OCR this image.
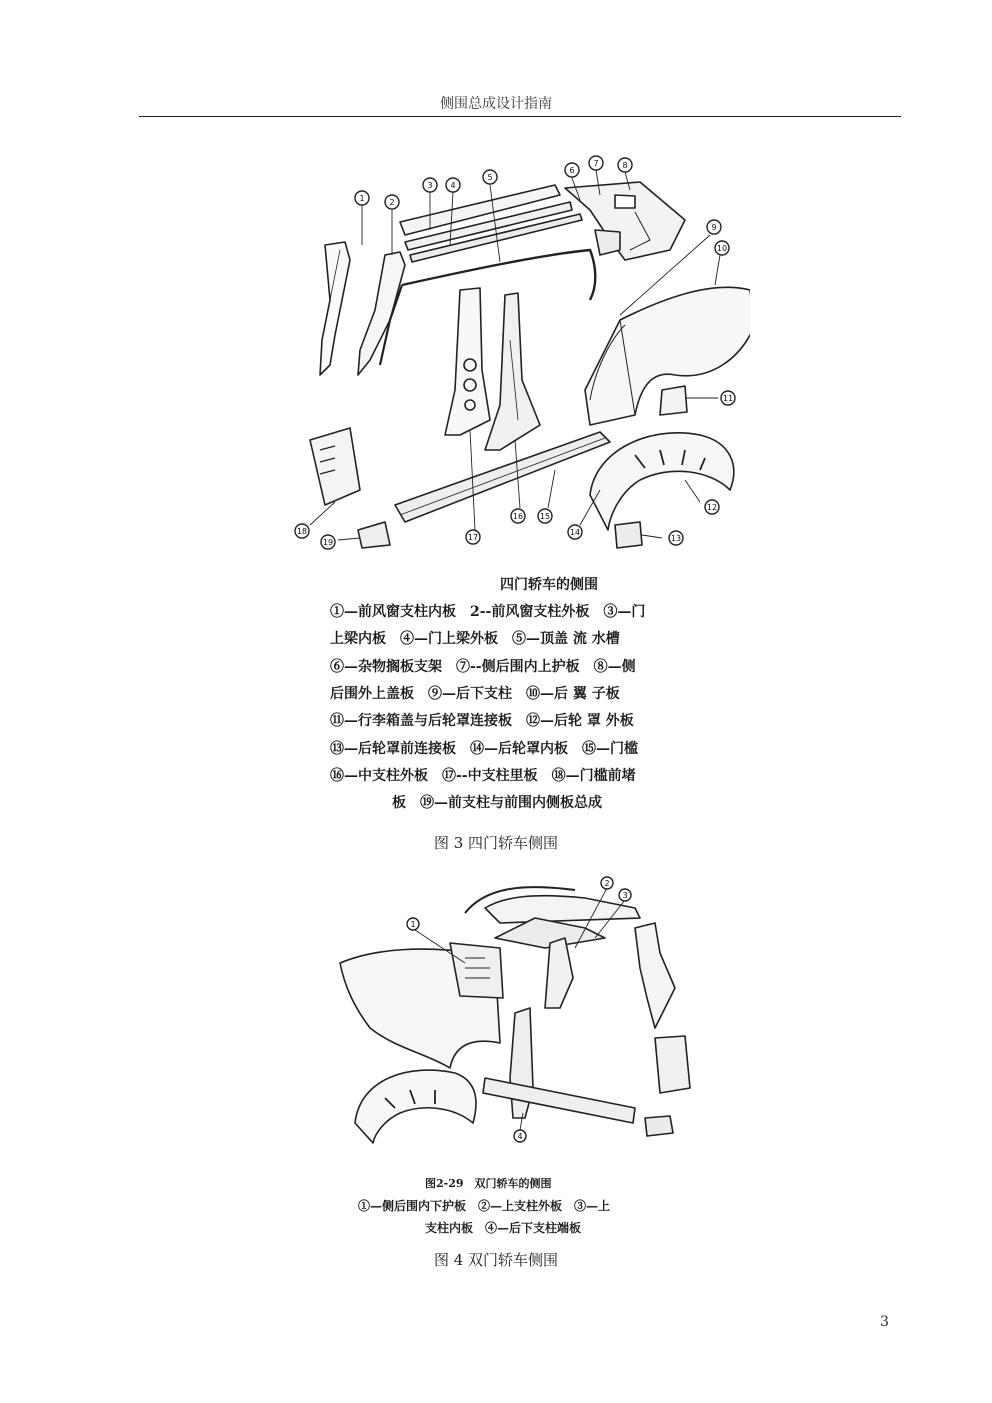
侧围总成设计指南
1	2
3 4
5
6
7	8
9
10
11
12
13
14
15
16
17
18
19
四门轿车的侧围
①—前风窗支柱内板　2--前风窗支柱外板　③—门
上梁内板　④—门上梁外板　⑤—顶盖 流 水槽
⑥—杂物搁板支架　⑦--侧后围内上护板　⑧—侧
后围外上盖板　⑨—后下支柱　⑩—后 翼 子板
⑪—行李箱盖与后轮罩连接板　⑫—后轮 罩 外板
⑬—后轮罩前连接板　⑭—后轮罩内板　⑮—门槛
⑯—中支柱外板　⑰--中支柱里板　⑱—门槛前堵
板　⑲—前支柱与前围内侧板总成
图 3 四门轿车侧围
1
2
3
4
图2-29　双门轿车的侧围
①—侧后围内下护板　②—上支柱外板　③—上
支柱内板　④—后下支柱端板
图 4 双门轿车侧围
3
